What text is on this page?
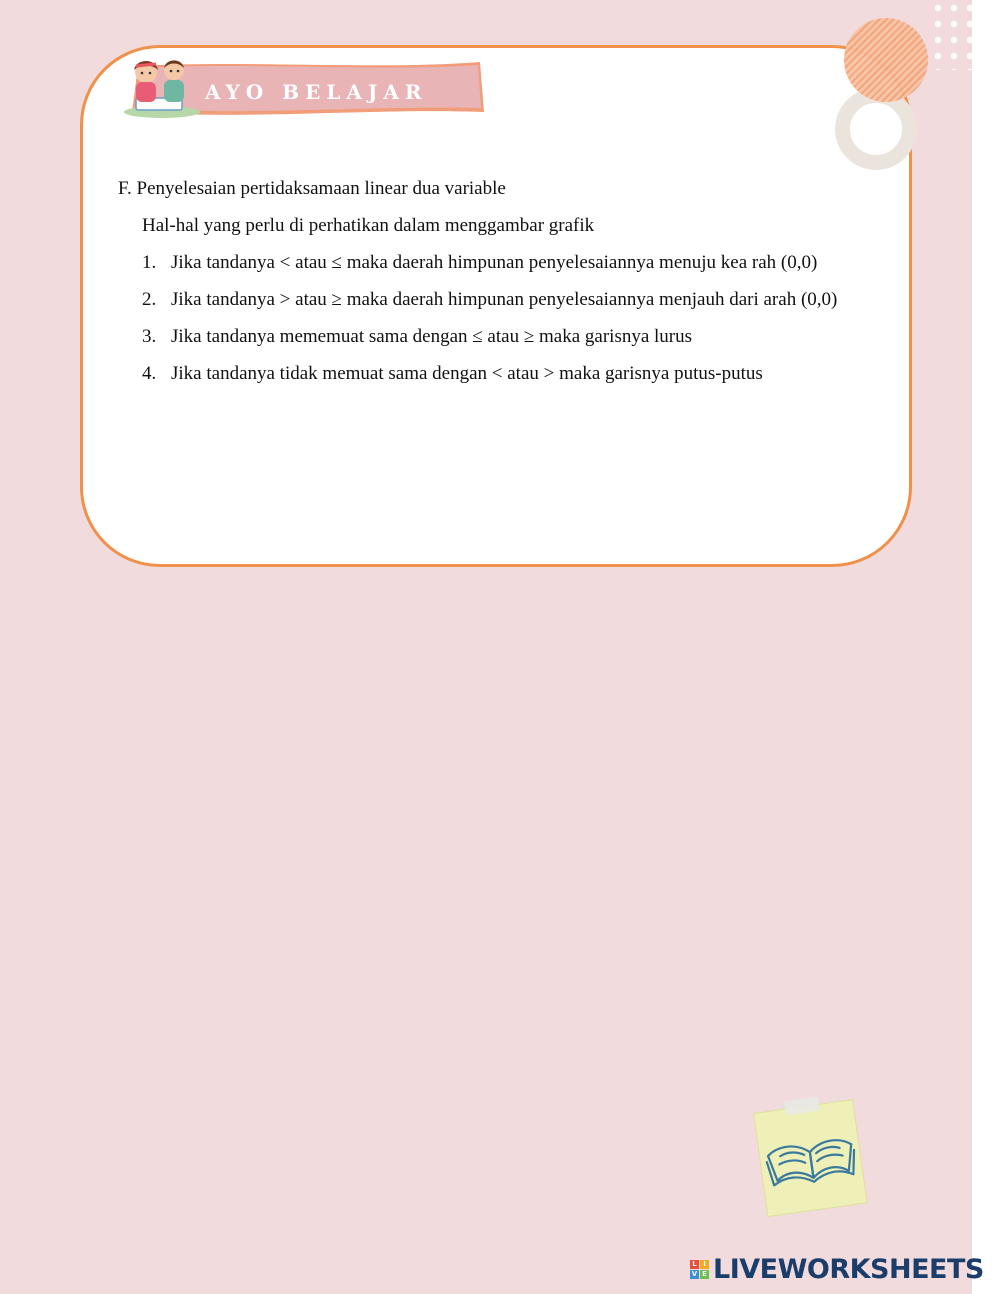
AYO BELAJAR

F. Penyelesaian pertidaksamaan linear dua variable

Hal-hal yang perlu di perhatikan dalam menggambar grafik

1. Jika tandanya < atau ≤ maka daerah himpunan penyelesaiannya menuju kea rah (0,0)
2. Jika tandanya > atau ≥ maka daerah himpunan penyelesaiannya menjauh dari arah (0,0)
3. Jika tandanya mememuat sama dengan ≤ atau ≥ maka garisnya lurus
4. Jika tandanya tidak memuat sama dengan < atau > maka garisnya putus-putus
L I
V E LIVEWORKSHEETS
